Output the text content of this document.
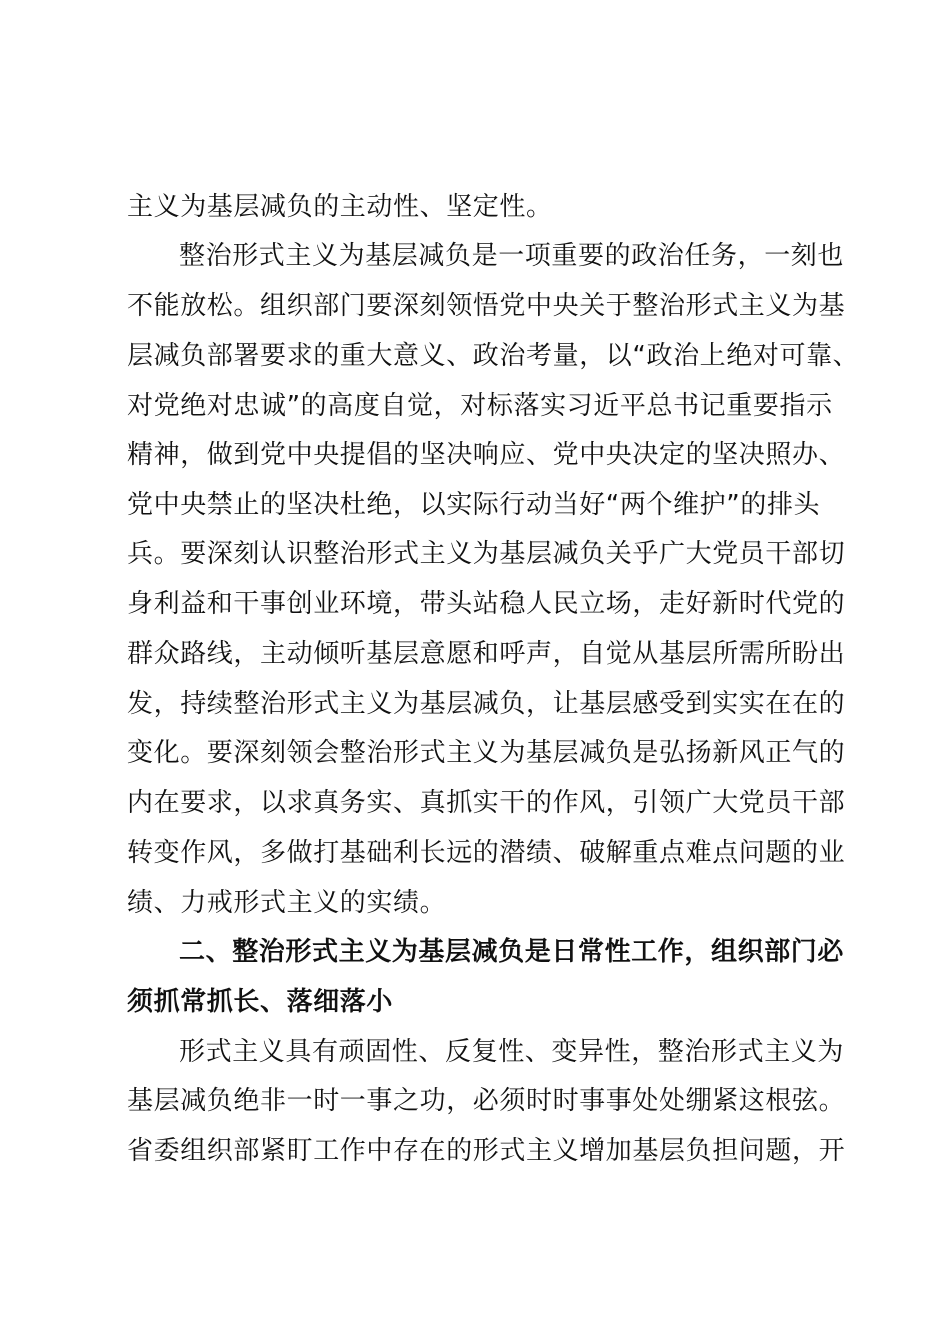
主义为基层减负的主动性、坚定性。
整治形式主义为基层减负是一项重要的政治任务，一刻也
不能放松。组织部门要深刻领悟党中央关于整治形式主义为基
层减负部署要求的重大意义、政治考量，以“政治上绝对可靠、
对党绝对忠诚”的高度自觉，对标落实习近平总书记重要指示
精神，做到党中央提倡的坚决响应、党中央决定的坚决照办、
党中央禁止的坚决杜绝，以实际行动当好“两个维护”的排头
兵。要深刻认识整治形式主义为基层减负关乎广大党员干部切
身利益和干事创业环境，带头站稳人民立场，走好新时代党的
群众路线，主动倾听基层意愿和呼声，自觉从基层所需所盼出
发，持续整治形式主义为基层减负，让基层感受到实实在在的
变化。要深刻领会整治形式主义为基层减负是弘扬新风正气的
内在要求，以求真务实、真抓实干的作风，引领广大党员干部
转变作风，多做打基础利长远的潜绩、破解重点难点问题的业
绩、力戒形式主义的实绩。
二、整治形式主义为基层减负是日常性工作，组织部门必
须抓常抓长、落细落小
形式主义具有顽固性、反复性、变异性，整治形式主义为
基层减负绝非一时一事之功，必须时时事事处处绷紧这根弦。
省委组织部紧盯工作中存在的形式主义增加基层负担问题，开
